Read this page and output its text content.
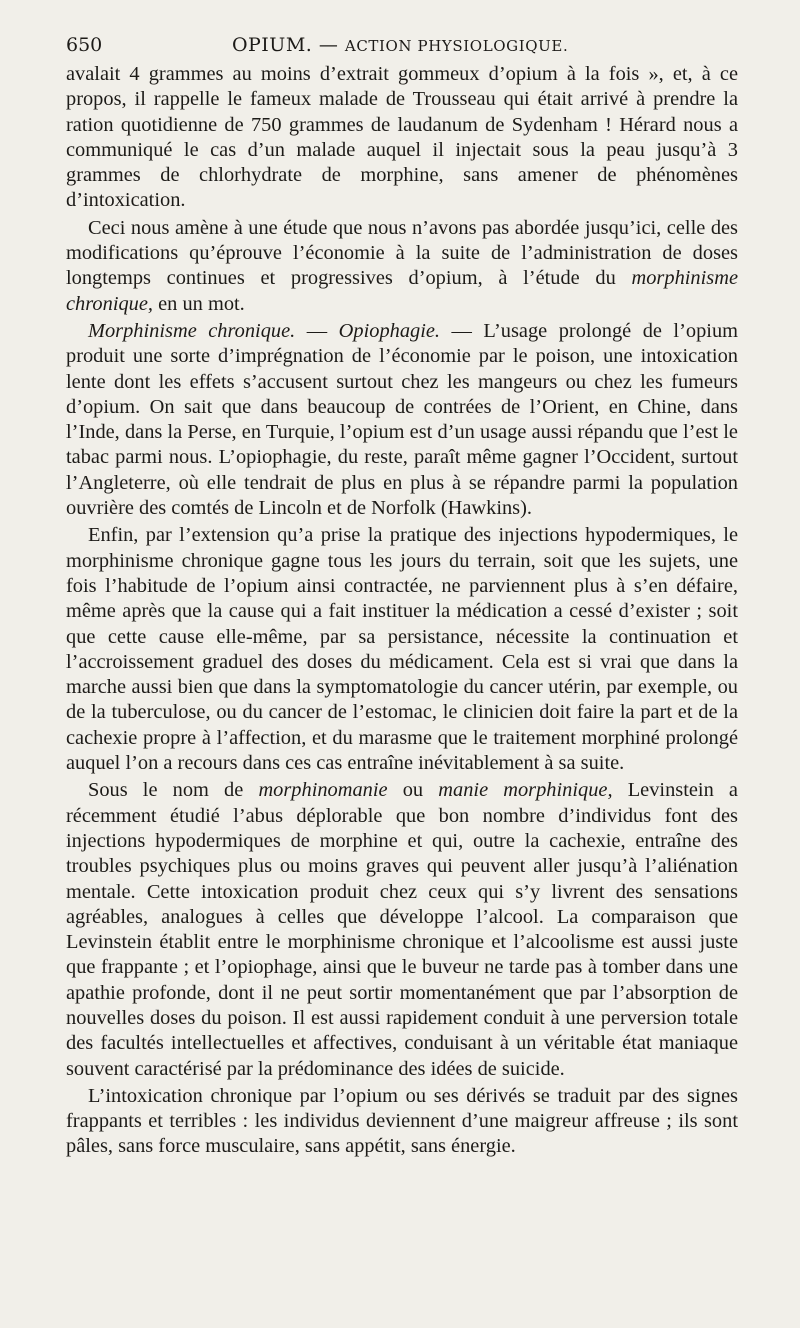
650	OPIUM. — ACTION PHYSIOLOGIQUE.

avalait 4 grammes au moins d’extrait gommeux d’opium à la fois », et, à ce propos, il rappelle le fameux malade de Trousseau qui était arrivé à prendre la ration quotidienne de 750 grammes de laudanum de Sydenham ! Hérard nous a communiqué le cas d’un malade auquel il injectait sous la peau jusqu’à 3 grammes de chlorhydrate de morphine, sans amener de phénomènes d’intoxication.

Ceci nous amène à une étude que nous n’avons pas abordée jusqu’ici, celle des modifications qu’éprouve l’économie à la suite de l’administration de doses longtemps continues et progressives d’opium, à l’étude du morphinisme chronique, en un mot.

Morphinisme chronique. — Opiophagie. — L’usage prolongé de l’opium produit une sorte d’imprégnation de l’économie par le poison, une intoxication lente dont les effets s’accusent surtout chez les mangeurs ou chez les fumeurs d’opium. On sait que dans beaucoup de contrées de l’Orient, en Chine, dans l’Inde, dans la Perse, en Turquie, l’opium est d’un usage aussi répandu que l’est le tabac parmi nous. L’opiophagie, du reste, paraît même gagner l’Occident, surtout l’Angleterre, où elle tendrait de plus en plus à se répandre parmi la population ouvrière des comtés de Lincoln et de Norfolk (Hawkins).

Enfin, par l’extension qu’a prise la pratique des injections hypodermiques, le morphinisme chronique gagne tous les jours du terrain, soit que les sujets, une fois l’habitude de l’opium ainsi contractée, ne parviennent plus à s’en défaire, même après que la cause qui a fait instituer la médication a cessé d’exister ; soit que cette cause elle-même, par sa persistance, nécessite la continuation et l’accroissement graduel des doses du médicament. Cela est si vrai que dans la marche aussi bien que dans la symptomatologie du cancer utérin, par exemple, ou de la tuberculose, ou du cancer de l’estomac, le clinicien doit faire la part et de la cachexie propre à l’affection, et du marasme que le traitement morphiné prolongé auquel l’on a recours dans ces cas entraîne inévitablement à sa suite.

Sous le nom de morphinomanie ou manie morphinique, Levinstein a récemment étudié l’abus déplorable que bon nombre d’individus font des injections hypodermiques de morphine et qui, outre la cachexie, entraîne des troubles psychiques plus ou moins graves qui peuvent aller jusqu’à l’aliénation mentale. Cette intoxication produit chez ceux qui s’y livrent des sensations agréables, analogues à celles que développe l’alcool. La comparaison que Levinstein établit entre le morphinisme chronique et l’alcoolisme est aussi juste que frappante ; et l’opiophage, ainsi que le buveur ne tarde pas à tomber dans une apathie profonde, dont il ne peut sortir momentanément que par l’absorption de nouvelles doses du poison. Il est aussi rapidement conduit à une perversion totale des facultés intellectuelles et affectives, conduisant à un véritable état maniaque souvent caractérisé par la prédominance des idées de suicide.

L’intoxication chronique par l’opium ou ses dérivés se traduit par des signes frappants et terribles : les individus deviennent d’une maigreur affreuse ; ils sont pâles, sans force musculaire, sans appétit, sans énergie.
